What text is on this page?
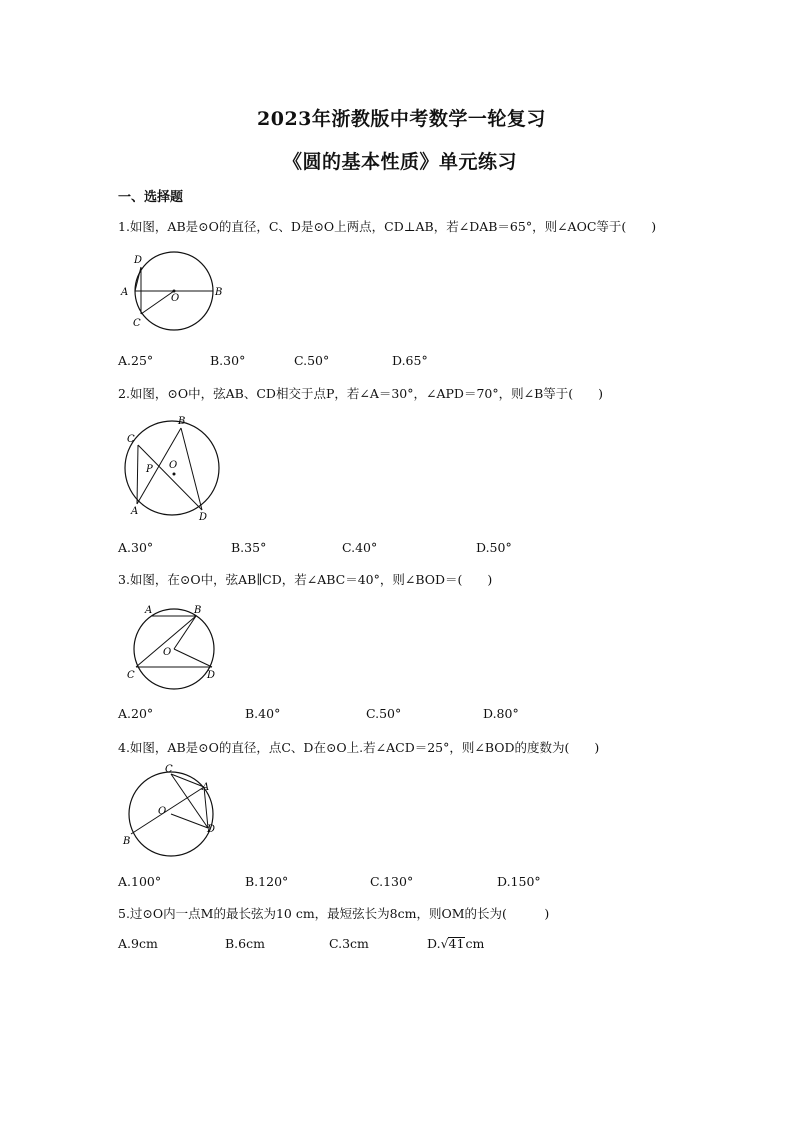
2023年浙教版中考数学一轮复习
《圆的基本性质》单元练习
一、选择题
1.如图，AB是⊙O的直径，C、D是⊙O上两点，CD⊥AB，若∠DAB＝65°，则∠AOC等于(　　)
D
A
O
B
C
A.25°	B.30°	C.50°	D.65°
2.如图，⊙O中，弦AB、CD相交于点P，若∠A＝30°，∠APD＝70°，则∠B等于(　　)
C
B
P O
A
D
A.30°	B.35°	C.40°	D.50°
3.如图，在⊙O中，弦AB∥CD，若∠ABC＝40°，则∠BOD＝(　　)
A	B
O
C	D
A.20°	B.40°	C.50°	D.80°
4.如图，AB是⊙O的直径，点C、D在⊙O上.若∠ACD＝25°，则∠BOD的度数为(　　)
C
A
O
D
B
A.100°	B.120°	C.130°	D.150°
5.过⊙O内一点M的最长弦为10 cm，最短弦长为8cm，则OM的长为(　　　)
A.9cm	B.6cm	C.3cm	D.√41cm
